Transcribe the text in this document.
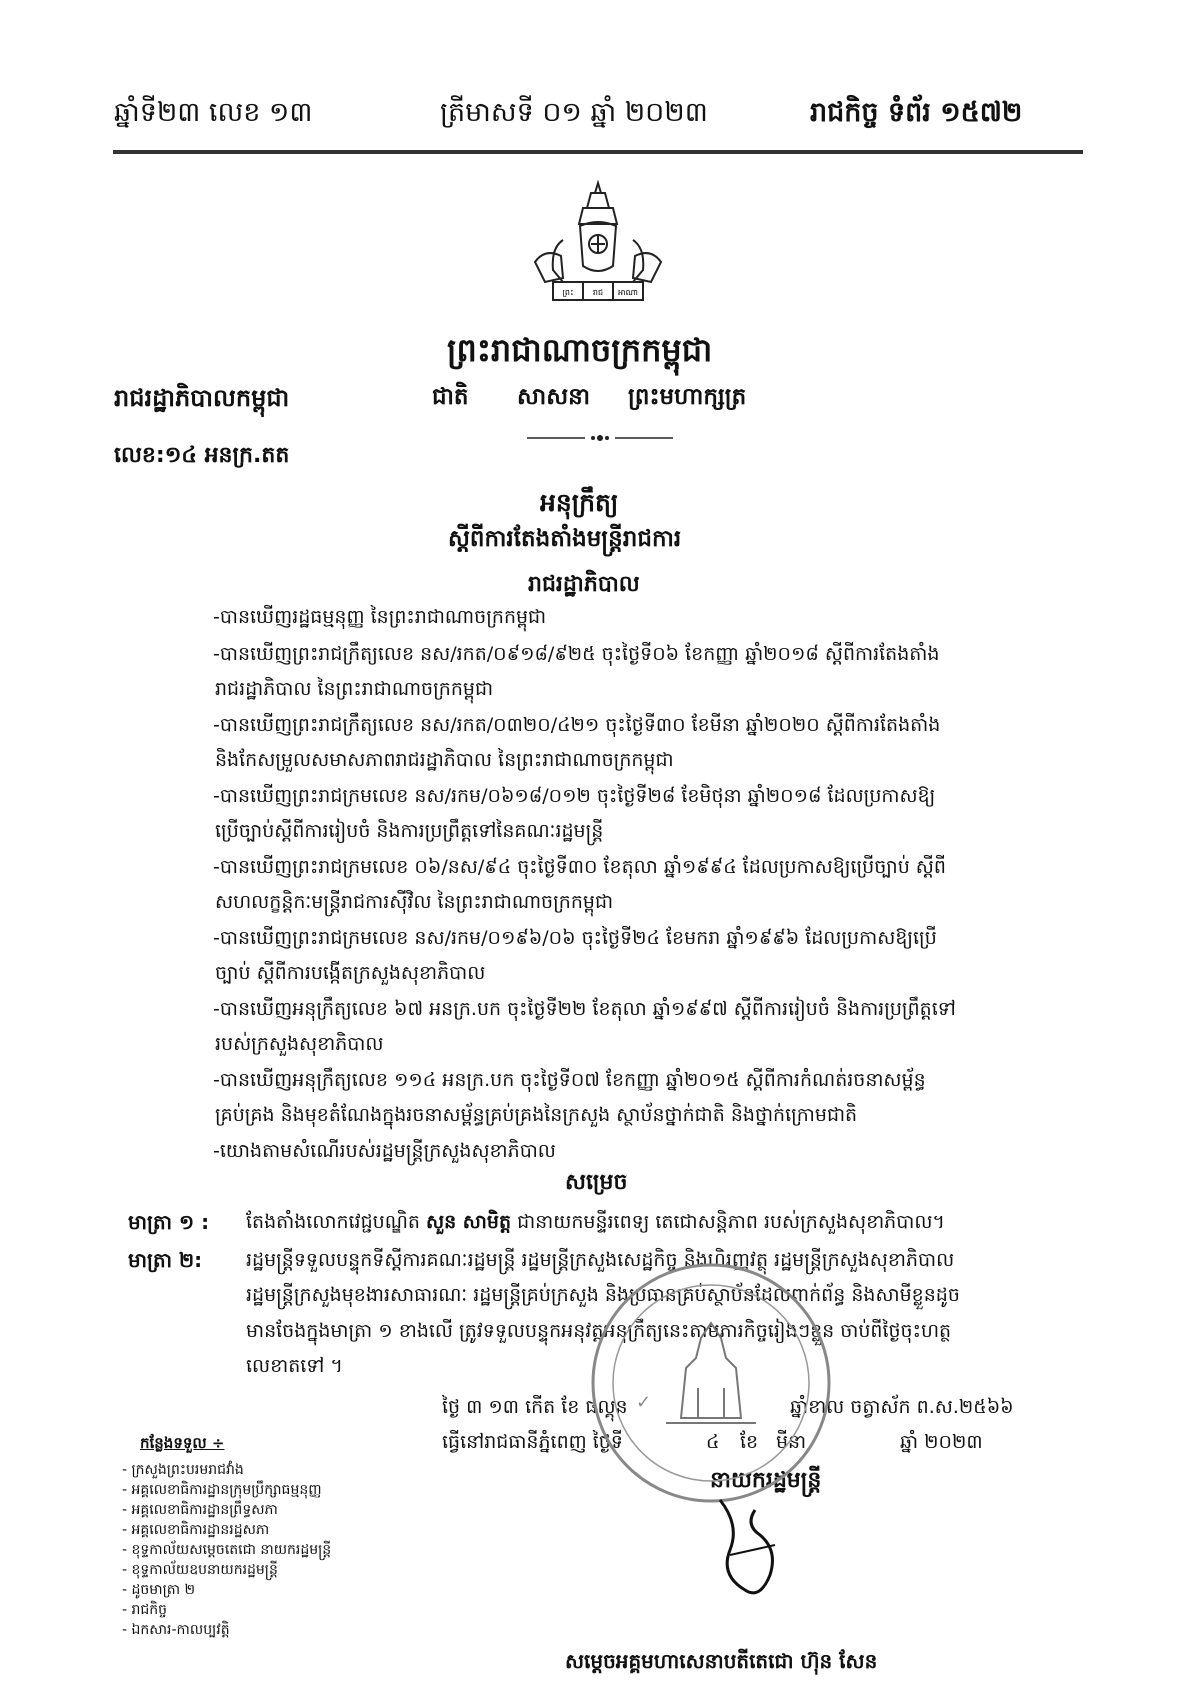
ឆ្នាំទី២៣ លេខ ១៣	ត្រីមាសទី ០១ ឆ្នាំ ២០២៣	រាជកិច្ច ទំព័រ ១៥៧២
ព្រះ រាជ អាណា
ព្រះរាជាណាចក្រកម្ពុជា
ជាតិ សាសនា ព្រះមហាក្សត្រ
រាជរដ្ឋាភិបាលកម្ពុជា
លេខ:១៤ អនក្រ.តត
អនុក្រឹត្យ
ស្តីពីការតែងតាំងមន្ត្រីរាជការ
រាជរដ្ឋាភិបាល
-បានឃើញរដ្ឋធម្មនុញ្ញ នៃព្រះរាជាណាចក្រកម្ពុជា
-បានឃើញព្រះរាជក្រឹត្យលេខ នស/រកត/០៩១៨/៩២៥ ចុះថ្ងៃទី០៦ ខែកញ្ញា ឆ្នាំ២០១៨ ស្តីពីការតែងតាំង
រាជរដ្ឋាភិបាល នៃព្រះរាជាណាចក្រកម្ពុជា
-បានឃើញព្រះរាជក្រឹត្យលេខ នស/រកត/០៣២០/៤២១ ចុះថ្ងៃទី៣០ ខែមីនា ឆ្នាំ២០២០ ស្តីពីការតែងតាំង
និងកែសម្រួលសមាសភាពរាជរដ្ឋាភិបាល នៃព្រះរាជាណាចក្រកម្ពុជា
-បានឃើញព្រះរាជក្រមលេខ នស/រកម/០៦១៨/០១២ ចុះថ្ងៃទី២៨ ខែមិថុនា ឆ្នាំ២០១៨ ដែលប្រកាសឱ្យ
ប្រើច្បាប់ស្តីពីការរៀបចំ និងការប្រព្រឹត្តទៅនៃគណៈរដ្ឋមន្ត្រី
-បានឃើញព្រះរាជក្រមលេខ ០៦/នស/៩៤ ចុះថ្ងៃទី៣០ ខែតុលា ឆ្នាំ១៩៩៤ ដែលប្រកាសឱ្យប្រើច្បាប់ ស្តីពី
សហលក្ខន្តិកៈមន្ត្រីរាជការស៊ីវិល នៃព្រះរាជាណាចក្រកម្ពុជា
-បានឃើញព្រះរាជក្រមលេខ នស/រកម/០១៩៦/០៦ ចុះថ្ងៃទី២៤ ខែមករា ឆ្នាំ១៩៩៦ ដែលប្រកាសឱ្យប្រើ
ច្បាប់ ស្តីពីការបង្កើតក្រសួងសុខាភិបាល
-បានឃើញអនុក្រឹត្យលេខ ៦៧ អនក្រ.បក ចុះថ្ងៃទី២២ ខែតុលា ឆ្នាំ១៩៩៧ ស្តីពីការរៀបចំ និងការប្រព្រឹត្តទៅ
របស់ក្រសួងសុខាភិបាល
-បានឃើញអនុក្រឹត្យលេខ ១១៤ អនក្រ.បក ចុះថ្ងៃទី០៧ ខែកញ្ញា ឆ្នាំ២០១៥ ស្តីពីការកំណត់រចនាសម្ព័ន្ធ
គ្រប់គ្រង និងមុខតំណែងក្នុងរចនាសម្ព័ន្ធគ្រប់គ្រងនៃក្រសួង ស្ថាប័នថ្នាក់ជាតិ និងថ្នាក់ក្រោមជាតិ
-យោងតាមសំណើរបស់រដ្ឋមន្ត្រីក្រសួងសុខាភិបាល
សម្រេច
មាត្រា ១ : តែងតាំងលោកវេជ្ជបណ្ឌិត សួន សាមិត្ត ជានាយកមន្ទីរពេទ្យ តេជោសន្តិភាព របស់ក្រសួងសុខាភិបាល។
មាត្រា ២: រដ្ឋមន្ត្រីទទួលបន្ទុកទីស្តីការគណៈរដ្ឋមន្ត្រី រដ្ឋមន្ត្រីក្រសួងសេដ្ឋកិច្ច និងហិរញ្ញវត្ថុ រដ្ឋមន្ត្រីក្រសួងសុខាភិបាល
រដ្ឋមន្ត្រីក្រសួងមុខងារសាធារណៈ រដ្ឋមន្ត្រីគ្រប់ក្រសួង និងប្រធានគ្រប់ស្ថាប័នដែលពាក់ព័ន្ធ និងសាមីខ្លួនដូច
មានចែងក្នុងមាត្រា ១ ខាងលើ ត្រូវទទួលបន្ទុកអនុវត្តអនុក្រឹត្យនេះតាមភារកិច្ចរៀងៗខ្លួន ចាប់ពីថ្ងៃចុះហត្ថ
លេខាតទៅ ។
ថ្ងៃ ៣ ១៣ កើត ខែ ផល្គុន	ឆ្នាំខាល ចត្វាស័ក ព.ស.២៥៦៦
ធ្វើនៅរាជធានីភ្នំពេញ ថ្ងៃទី	៤ ខែ មីនា	ឆ្នាំ ២០២៣
នាយករដ្ឋមន្ត្រី
✓
សម្តេចអគ្គមហាសេនាបតីតេជោ ហ៊ុន សែន
កន្លែងទទួល ÷
- ក្រសួងព្រះបរមរាជវាំង
- អគ្គលេខាធិការដ្ឋានក្រុមប្រឹក្សាធម្មនុញ្ញ
- អគ្គលេខាធិការដ្ឋានព្រឹទ្ធសភា
- អគ្គលេខាធិការដ្ឋានរដ្ឋសភា
- ខុទ្ទកាល័យសម្តេចតេជោ នាយករដ្ឋមន្ត្រី
- ខុទ្ទកាល័យឧបនាយករដ្ឋមន្ត្រី
- ដូចមាត្រា ២
- រាជកិច្ច
- ឯកសារ-កាលប្បវត្តិ
